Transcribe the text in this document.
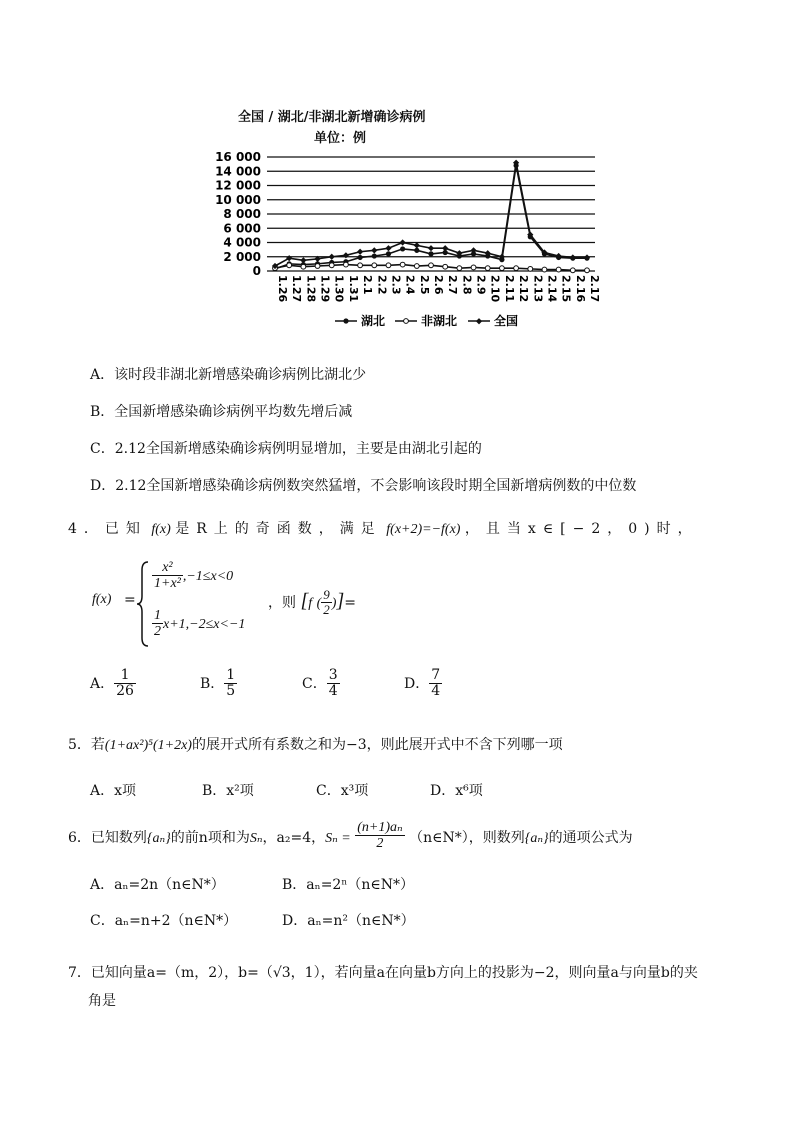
全国 / 湖北/非湖北新增确诊病例
单位：例
16 000
14 000
12 000
10 000
8 000
6 000
4 000
2 000
0
1.26 1.27 1.28 1.29 1.30 1.31 2.1 2.2 2.3 2.4 2.5 2.6 2.7 2.8 2.9 2.10 2.11 2.12 2.13 2.14 2.15 2.16 2.17
湖北	非湖北	全国
A．该时段非湖北新增感染确诊病例比湖北少
B．全国新增感染确诊病例平均数先增后减
C．2.12全国新增感染确诊病例明显增加，主要是由湖北引起的
D．2.12全国新增感染确诊病例数突然猛增，不会影响该段时期全国新增病例数的中位数
4．已知 f(x) 是R上的奇函数，满足 f(x+2)=−f(x) ，且当x∈[−2，0)时，
f(x) =
$\frac{\text{x²}}{\text{1+x²}} ,-1\le x<0$
$\frac{1}{2} x+1,-2\le x<-1$
，则 [f ( $\frac{9}{2}$ )]=
A． $\frac{1}{26}$	B． $\frac{1}{5}$	C． $\frac{3}{4}$	D． $\frac{7}{4}$
5．若(1+ax²)⁵(1+2x)的展开式所有系数之和为−3，则此展开式中不含下列哪一项
A．x项	B．x²项	C．x³项	D．x⁶项
6．已知数列{aₙ}的前n项和为Sₙ，a₂=4，$S_n = \frac{\text{(n+1)aₙ}}{2}$ （n∈N*），则数列{aₙ}的通项公式为
A．aₙ=2n（n∈N*）	B．aₙ=2ⁿ（n∈N*）
C．aₙ=n+2（n∈N*）	D．aₙ=n²（n∈N*）
7．已知向量a=（m，2），b=（√3，1），若向量a在向量b方向上的投影为−2，则向量a与向量b的夹
角是
